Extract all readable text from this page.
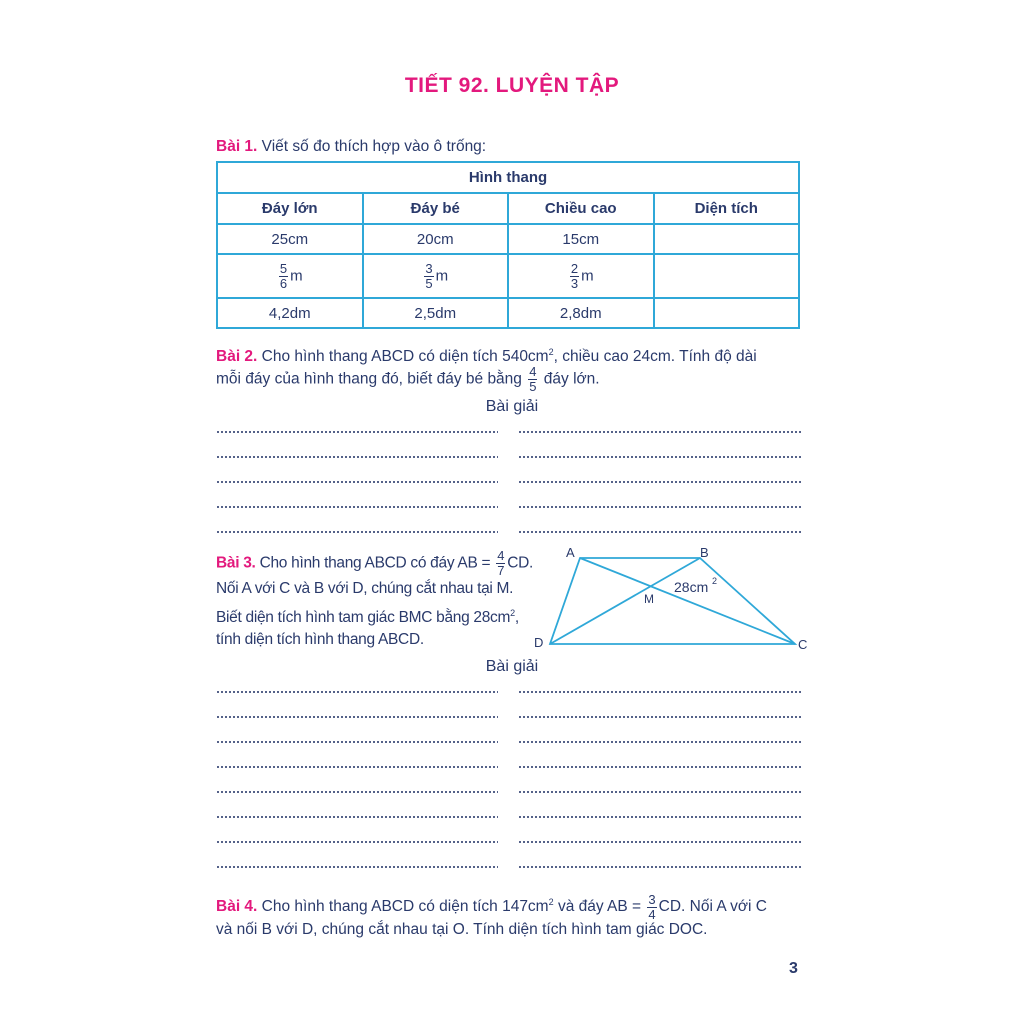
TIẾT 92. LUYỆN TẬP
Bài 1. Viết số đo thích hợp vào ô trống:
Hình thang			
Đáy lớn	Đáy bé	Chiều cao	Diện tích
25cm	20cm	15cm	

$\frac{5}{6}$ m	$\frac{3}{5}$ m	$\frac{2}{3}$ m	
4,2dm	2,5dm	2,8dm	
Bài 2. Cho hình thang ABCD có diện tích $540cm^2$, chiều cao 24cm. Tính độ dài
mỗi đáy của hình thang đó, biết đáy bé bằng $\frac{4}{5}$ đáy lớn.
Bài giải
Bài 3. Cho hình thang ABCD có đáy AB = $\frac{4}{7}$ CD.
Nối A với C và B với D, chúng cắt nhau tại M.
Biết diện tích hình tam giác BMC bằng $28cm^2$,
tính diện tích hình thang ABCD.
A	B
C
D
M
28cm 2
Bài giải
Bài 4. Cho hình thang ABCD có diện tích $147cm^2$ và đáy AB = $\frac{3}{4}$ CD. Nối A với C
và nối B với D, chúng cắt nhau tại O. Tính diện tích hình tam giác DOC.
3
